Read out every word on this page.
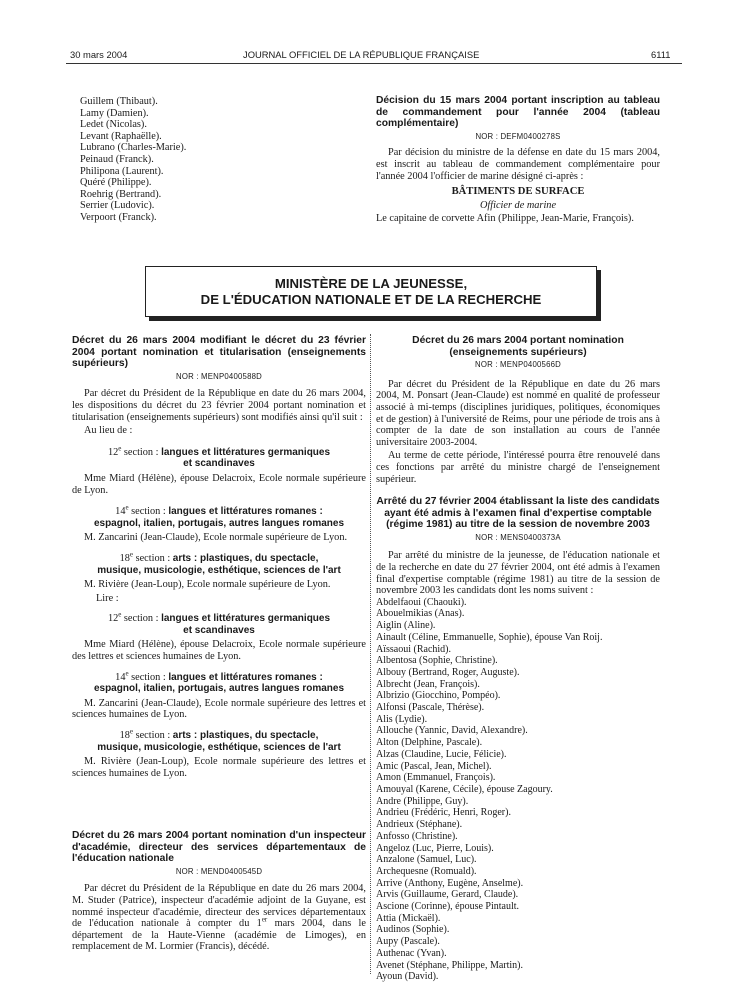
30 mars 2004	JOURNAL OFFICIEL DE LA RÉPUBLIQUE FRANÇAISE	6111
Guillem (Thibaut).
Lamy (Damien).
Ledet (Nicolas).
Levant (Raphaëlle).
Lubrano (Charles-Marie).
Peinaud (Franck).
Philipona (Laurent).
Quéré (Philippe).
Roehrig (Bertrand).
Serrier (Ludovic).
Verpoort (Franck).

Décision du 15 mars 2004 portant inscription au tableau de commandement pour l'année 2004 (tableau complémentaire)

NOR : DEFM0400278S

Par décision du ministre de la défense en date du 15 mars 2004, est inscrit au tableau de commandement complémentaire pour l'année 2004 l'officier de marine désigné ci-après :

BÂTIMENTS DE SURFACE

Officier de marine

Le capitaine de corvette Afin (Philippe, Jean-Marie, François).

MINISTÈRE DE LA JEUNESSE,
DE L'ÉDUCATION NATIONALE ET DE LA RECHERCHE

Décret du 26 mars 2004 modifiant le décret du 23 février 2004 portant nomination et titularisation (enseignements supérieurs)

NOR : MENP0400588D

Par décret du Président de la République en date du 26 mars 2004, les dispositions du décret du 23 février 2004 portant nomination et titularisation (enseignements supérieurs) sont modifiés ainsi qu'il suit :

Au lieu de :

12e section : langues et littératures germaniques
et scandinaves

Mme Miard (Hélène), épouse Delacroix, Ecole normale supérieure de Lyon.

14e section : langues et littératures romanes :
espagnol, italien, portugais, autres langues romanes

M. Zancarini (Jean-Claude), Ecole normale supérieure de Lyon.

18e section : arts : plastiques, du spectacle,
musique, musicologie, esthétique, sciences de l'art

M. Rivière (Jean-Loup), Ecole normale supérieure de Lyon.

Lire :

12e section : langues et littératures germaniques
et scandinaves

Mme Miard (Hélène), épouse Delacroix, Ecole normale supérieure des lettres et sciences humaines de Lyon.

14e section : langues et littératures romanes :
espagnol, italien, portugais, autres langues romanes

M. Zancarini (Jean-Claude), Ecole normale supérieure des lettres et sciences humaines de Lyon.

18e section : arts : plastiques, du spectacle,
musique, musicologie, esthétique, sciences de l'art

M. Rivière (Jean-Loup), Ecole normale supérieure des lettres et sciences humaines de Lyon.

Décret du 26 mars 2004 portant nomination d'un inspecteur d'académie, directeur des services départementaux de l'éducation nationale

NOR : MEND0400545D

Par décret du Président de la République en date du 26 mars 2004, M. Studer (Patrice), inspecteur d'académie adjoint de la Guyane, est nommé inspecteur d'académie, directeur des services départementaux de l'éducation nationale à compter du 1er mars 2004, dans le département de la Haute-Vienne (académie de Limoges), en remplacement de M. Lormier (Francis), décédé.

Décret du 26 mars 2004 portant nomination (enseignements supérieurs)

NOR : MENP0400566D

Par décret du Président de la République en date du 26 mars 2004, M. Ponsart (Jean-Claude) est nommé en qualité de professeur associé à mi-temps (disciplines juridiques, politiques, économiques et de gestion) à l'université de Reims, pour une période de trois ans à compter de la date de son installation au cours de l'année universitaire 2003-2004.

Au terme de cette période, l'intéressé pourra être renouvelé dans ces fonctions par arrêté du ministre chargé de l'enseignement supérieur.

Arrêté du 27 février 2004 établissant la liste des candidats ayant été admis à l'examen final d'expertise comptable (régime 1981) au titre de la session de novembre 2003

NOR : MENS0400373A

Par arrêté du ministre de la jeunesse, de l'éducation nationale et de la recherche en date du 27 février 2004, ont été admis à l'examen final d'expertise comptable (régime 1981) au titre de la session de novembre 2003 les candidats dont les noms suivent :

Abdelfaoui (Chaouki).
Abouelmikias (Anas).
Aiglin (Aline).
Ainault (Céline, Emmanuelle, Sophie), épouse Van Roij.
Aïssaoui (Rachid).
Albentosa (Sophie, Christine).
Albouy (Bertrand, Roger, Auguste).
Albrecht (Jean, François).
Albrizio (Giocchino, Pompéo).
Alfonsi (Pascale, Thérèse).
Alis (Lydie).
Allouche (Yannic, David, Alexandre).
Alton (Delphine, Pascale).
Alzas (Claudine, Lucie, Félicie).
Amic (Pascal, Jean, Michel).
Amon (Emmanuel, François).
Amouyal (Karene, Cécile), épouse Zagoury.
Andre (Philippe, Guy).
Andrieu (Frédéric, Henri, Roger).
Andrieux (Stéphane).
Anfosso (Christine).
Angeloz (Luc, Pierre, Louis).
Anzalone (Samuel, Luc).
Archequesne (Romuald).
Arrive (Anthony, Eugène, Anselme).
Arvis (Guillaume, Gerard, Claude).
Ascione (Corinne), épouse Pintault.
Attia (Mickaël).
Audinos (Sophie).
Aupy (Pascale).
Authenac (Yvan).
Avenet (Stéphane, Philippe, Martin).
Ayoun (David).
